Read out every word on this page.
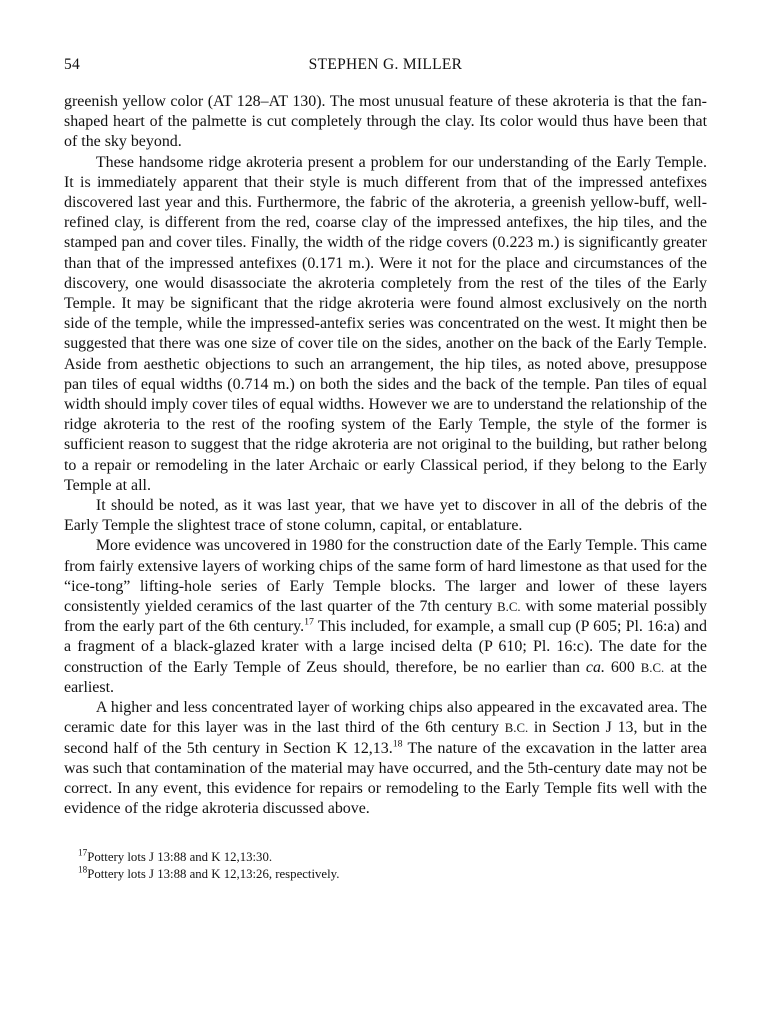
54	STEPHEN G. MILLER

greenish yellow color (AT 128–AT 130). The most unusual feature of these akroteria is that the fan-shaped heart of the palmette is cut completely through the clay. Its color would thus have been that of the sky beyond.

These handsome ridge akroteria present a problem for our understanding of the Early Temple. It is immediately apparent that their style is much different from that of the impressed antefixes discovered last year and this. Furthermore, the fabric of the akroteria, a greenish yellow-buff, well-refined clay, is different from the red, coarse clay of the impressed antefixes, the hip tiles, and the stamped pan and cover tiles. Finally, the width of the ridge covers (0.223 m.) is significantly greater than that of the impressed antefixes (0.171 m.). Were it not for the place and circumstances of the discovery, one would disassociate the akroteria completely from the rest of the tiles of the Early Temple. It may be significant that the ridge akroteria were found almost exclusively on the north side of the temple, while the impressed-antefix series was concentrated on the west. It might then be suggested that there was one size of cover tile on the sides, another on the back of the Early Temple. Aside from aesthetic objections to such an arrangement, the hip tiles, as noted above, presuppose pan tiles of equal widths (0.714 m.) on both the sides and the back of the temple. Pan tiles of equal width should imply cover tiles of equal widths. However we are to understand the relationship of the ridge akroteria to the rest of the roofing system of the Early Temple, the style of the former is sufficient reason to suggest that the ridge akroteria are not original to the building, but rather belong to a repair or remodeling in the later Archaic or early Classical period, if they belong to the Early Temple at all.

It should be noted, as it was last year, that we have yet to discover in all of the debris of the Early Temple the slightest trace of stone column, capital, or entablature.

More evidence was uncovered in 1980 for the construction date of the Early Temple. This came from fairly extensive layers of working chips of the same form of hard limestone as that used for the “ice-tong” lifting-hole series of Early Temple blocks. The larger and lower of these layers consistently yielded ceramics of the last quarter of the 7th century B.C. with some material possibly from the early part of the 6th century.$^{17}$ This included, for example, a small cup (P 605; Pl. 16:a) and a fragment of a black-glazed krater with a large incised delta (P 610; Pl. 16:c). The date for the construction of the Early Temple of Zeus should, therefore, be no earlier than ca. 600 B.C. at the earliest.

A higher and less concentrated layer of working chips also appeared in the excavated area. The ceramic date for this layer was in the last third of the 6th century B.C. in Section J 13, but in the second half of the 5th century in Section K 12,13.18 The nature of the excavation in the latter area was such that contamination of the material may have occurred, and the 5th-century date may not be correct. In any event, this evidence for repairs or remodeling to the Early Temple fits well with the evidence of the ridge akroteria discussed above.

$^{17}$Pottery lots J 13:88 and K 12,13:30.

$^{18}$Pottery lots J 13:88 and K 12,13:26, respectively.
